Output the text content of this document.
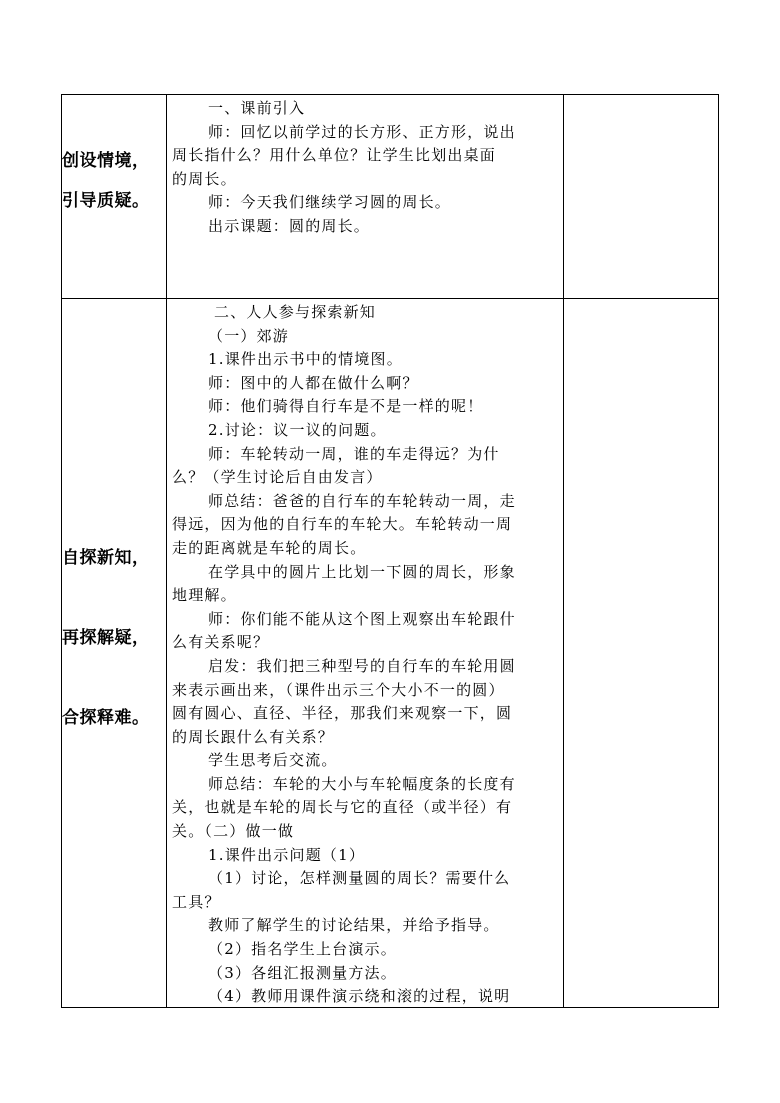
创设情境，
引导质疑。

一、课前引入

师：回忆以前学过的长方形、正方形，说出

周长指什么？用什么单位？让学生比划出桌面

的周长。

师：今天我们继续学习圆的周长。

出示课题：圆的周长。

自探新知，
再探解疑，
合探释难。

二、人人参与探索新知

（一）郊游

1.课件出示书中的情境图。

师：图中的人都在做什么啊？

师：他们骑得自行车是不是一样的呢！

2.讨论：议一议的问题。

师：车轮转动一周，谁的车走得远？为什

么？（学生讨论后自由发言）

师总结：爸爸的自行车的车轮转动一周，走

得远，因为他的自行车的车轮大。车轮转动一周

走的距离就是车轮的周长。

在学具中的圆片上比划一下圆的周长，形象

地理解。

师：你们能不能从这个图上观察出车轮跟什

么有关系呢？

启发：我们把三种型号的自行车的车轮用圆

来表示画出来，（课件出示三个大小不一的圆）

圆有圆心、直径、半径，那我们来观察一下，圆

的周长跟什么有关系？

学生思考后交流。

师总结：车轮的大小与车轮幅度条的长度有

关，也就是车轮的周长与它的直径（或半径）有

关。（二）做一做

1.课件出示问题（1）

（1）讨论，怎样测量圆的周长？需要什么

工具？

教师了解学生的讨论结果，并给予指导。

（2）指名学生上台演示。

（3）各组汇报测量方法。

（4）教师用课件演示绕和滚的过程，说明
